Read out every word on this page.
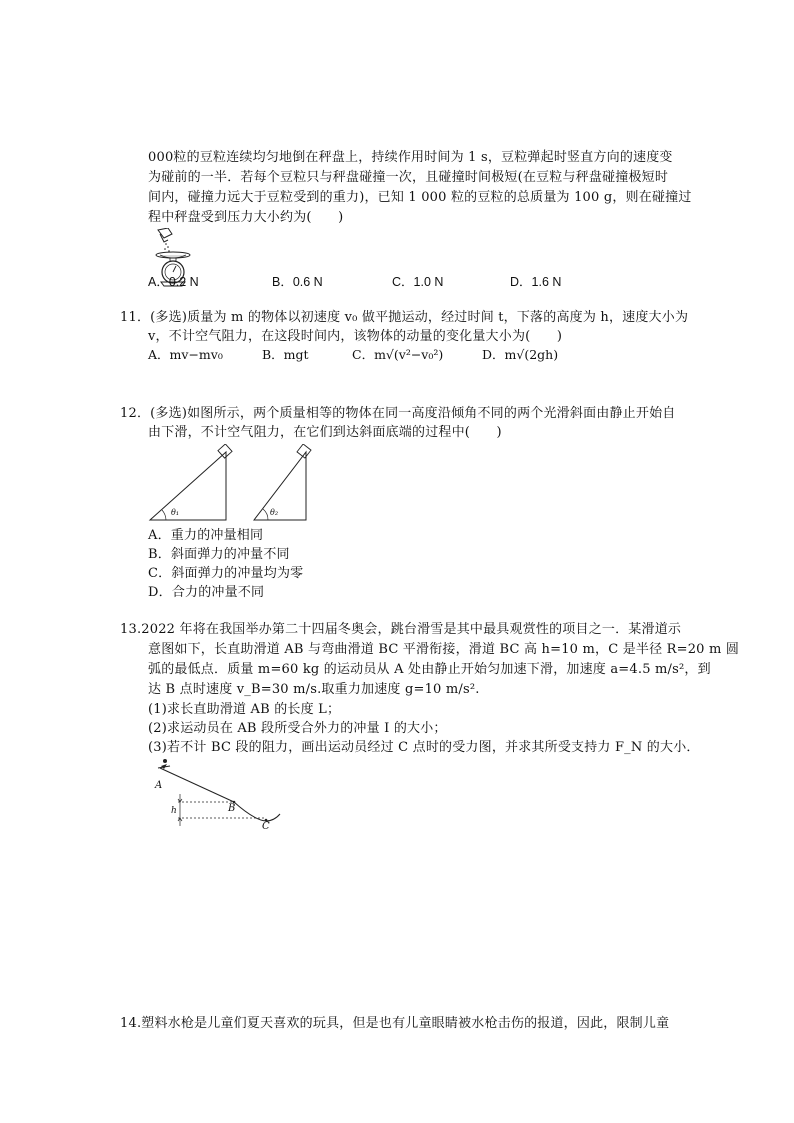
000粒的豆粒连续均匀地倒在秤盘上，持续作用时间为 1 s，豆粒弹起时竖直方向的速度变
为碰前的一半．若每个豆粒只与秤盘碰撞一次，且碰撞时间极短(在豆粒与秤盘碰撞极短时
间内，碰撞力远大于豆粒受到的重力)，已知 1 000 粒的豆粒的总质量为 100 g，则在碰撞过
程中秤盘受到压力大小约为(　　)
A．0.2 N	B．0.6 N	C．1.0 N	D．1.6 N
11．(多选)质量为 m 的物体以初速度 v₀ 做平抛运动，经过时间 t，下落的高度为 h，速度大小为
v，不计空气阻力，在这段时间内，该物体的动量的变化量大小为(　　)
A．mv−mv₀	B．mgt	C．m√(v²−v₀²)	D．m√(2gh)
12．(多选)如图所示，两个质量相等的物体在同一高度沿倾角不同的两个光滑斜面由静止开始自
由下滑，不计空气阻力，在它们到达斜面底端的过程中(　　)
θ₁	θ₂
A．重力的冲量相同
B．斜面弹力的冲量不同
C．斜面弹力的冲量均为零
D．合力的冲量不同
13.2022 年将在我国举办第二十四届冬奥会，跳台滑雪是其中最具观赏性的项目之一．某滑道示
意图如下，长直助滑道 AB 与弯曲滑道 BC 平滑衔接，滑道 BC 高 h=10 m，C 是半径 R=20 m 圆
弧的最低点．质量 m=60 kg 的运动员从 A 处由静止开始匀加速下滑，加速度 a=4.5 m/s²，到
达 B 点时速度 v_B=30 m/s.取重力加速度 g=10 m/s².
(1)求长直助滑道 AB 的长度 L；
(2)求运动员在 AB 段所受合外力的冲量 I 的大小；
(3)若不计 BC 段的阻力，画出运动员经过 C 点时的受力图，并求其所受支持力 F_N 的大小．
A
B
C
h
14.塑料水枪是儿童们夏天喜欢的玩具，但是也有儿童眼睛被水枪击伤的报道，因此，限制儿童
